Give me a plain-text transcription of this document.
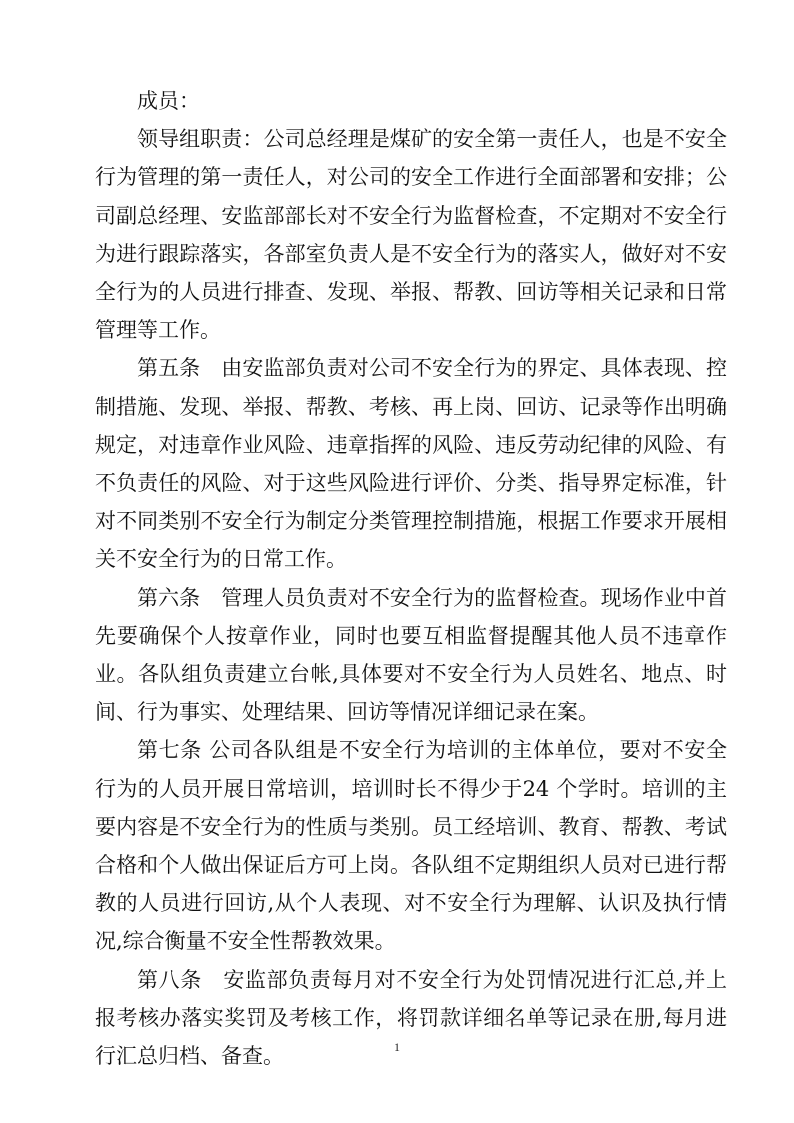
成员：

领导组职责：公司总经理是煤矿的安全第一责任人，也是不安全行为管理的第一责任人，对公司的安全工作进行全面部署和安排；公司副总经理、安监部部长对不安全行为监督检查，不定期对不安全行为进行跟踪落实，各部室负责人是不安全行为的落实人，做好对不安全行为的人员进行排查、发现、举报、帮教、回访等相关记录和日常管理等工作。

第五条　由安监部负责对公司不安全行为的界定、具体表现、控制措施、发现、举报、帮教、考核、再上岗、回访、记录等作出明确规定，对违章作业风险、违章指挥的风险、违反劳动纪律的风险、有不负责任的风险、对于这些风险进行评价、分类、指导界定标准，针对不同类别不安全行为制定分类管理控制措施，根据工作要求开展相关不安全行为的日常工作。

第六条　管理人员负责对不安全行为的监督检查。现场作业中首先要确保个人按章作业，同时也要互相监督提醒其他人员不违章作业。各队组负责建立台帐,具体要对不安全行为人员姓名、地点、时间、行为事实、处理结果、回访等情况详细记录在案。

第七条 公司各队组是不安全行为培训的主体单位，要对不安全行为的人员开展日常培训，培训时长不得少于24 个学时。培训的主要内容是不安全行为的性质与类别。员工经培训、教育、帮教、考试合格和个人做出保证后方可上岗。各队组不定期组织人员对已进行帮教的人员进行回访,从个人表现、对不安全行为理解、认识及执行情况,综合衡量不安全性帮教效果。

第八条　安监部负责每月对不安全行为处罚情况进行汇总,并上报考核办落实奖罚及考核工作，将罚款详细名单等记录在册,每月进行汇总归档、备查。	1
